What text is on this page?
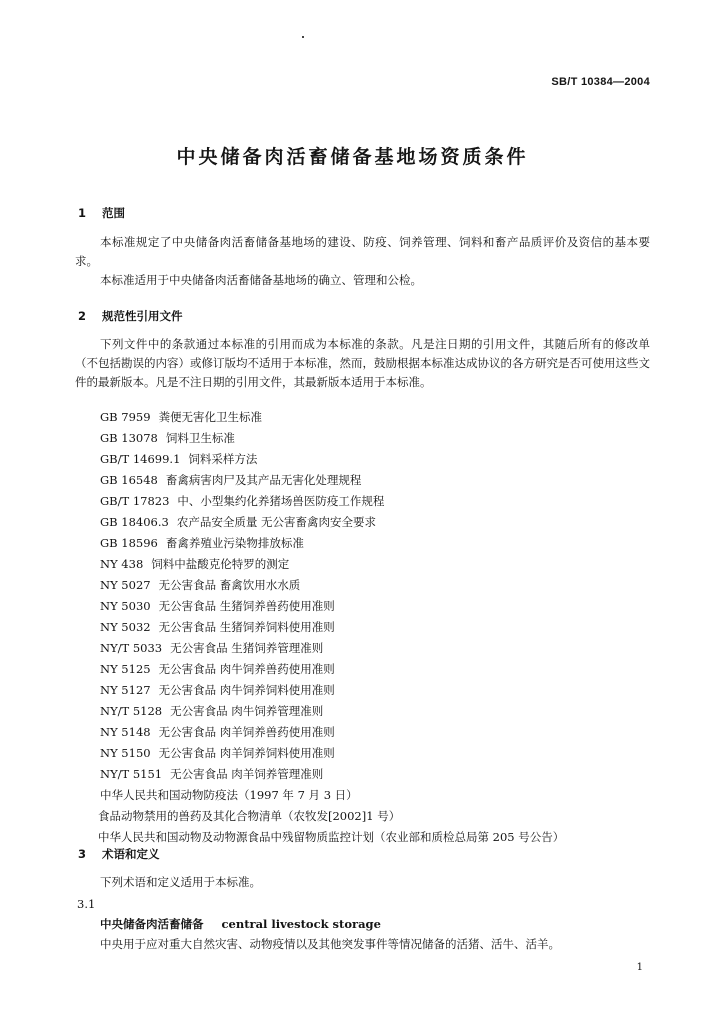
SB/T 10384—2004
中央储备肉活畜储备基地场资质条件
1 范围

本标准规定了中央储备肉活畜储备基地场的建设、防疫、饲养管理、饲料和畜产品质评价及资信的基本要求。

本标准适用于中央储备肉活畜储备基地场的确立、管理和公检。

2 规范性引用文件

下列文件中的条款通过本标准的引用而成为本标准的条款。凡是注日期的引用文件，其随后所有的修改单（不包括勘误的内容）或修订版均不适用于本标准，然而，鼓励根据本标准达成协议的各方研究是否可使用这些文件的最新版本。凡是不注日期的引用文件，其最新版本适用于本标准。

GB 7959 粪便无害化卫生标准
GB 13078 饲料卫生标准
GB/T 14699.1 饲料采样方法
GB 16548 畜禽病害肉尸及其产品无害化处理规程
GB/T 17823 中、小型集约化养猪场兽医防疫工作规程
GB 18406.3 农产品安全质量 无公害畜禽肉安全要求
GB 18596 畜禽养殖业污染物排放标准
NY 438 饲料中盐酸克伦特罗的测定
NY 5027 无公害食品 畜禽饮用水水质
NY 5030 无公害食品 生猪饲养兽药使用准则
NY 5032 无公害食品 生猪饲养饲料使用准则
NY/T 5033 无公害食品 生猪饲养管理准则
NY 5125 无公害食品 肉牛饲养兽药使用准则
NY 5127 无公害食品 肉牛饲养饲料使用准则
NY/T 5128 无公害食品 肉牛饲养管理准则
NY 5148 无公害食品 肉羊饲养兽药使用准则
NY 5150 无公害食品 肉羊饲养饲料使用准则
NY/T 5151 无公害食品 肉羊饲养管理准则
中华人民共和国动物防疫法（1997 年 7 月 3 日）
食品动物禁用的兽药及其化合物清单（农牧发[2002]1 号）
中华人民共和国动物及动物源食品中残留物质监控计划（农业部和质检总局第 205 号公告）
3 术语和定义

下列术语和定义适用于本标准。

3.1
中央储备肉活畜储备 central livestock storage
中央用于应对重大自然灾害、动物疫情以及其他突发事件等情况储备的活猪、活牛、活羊。
1
